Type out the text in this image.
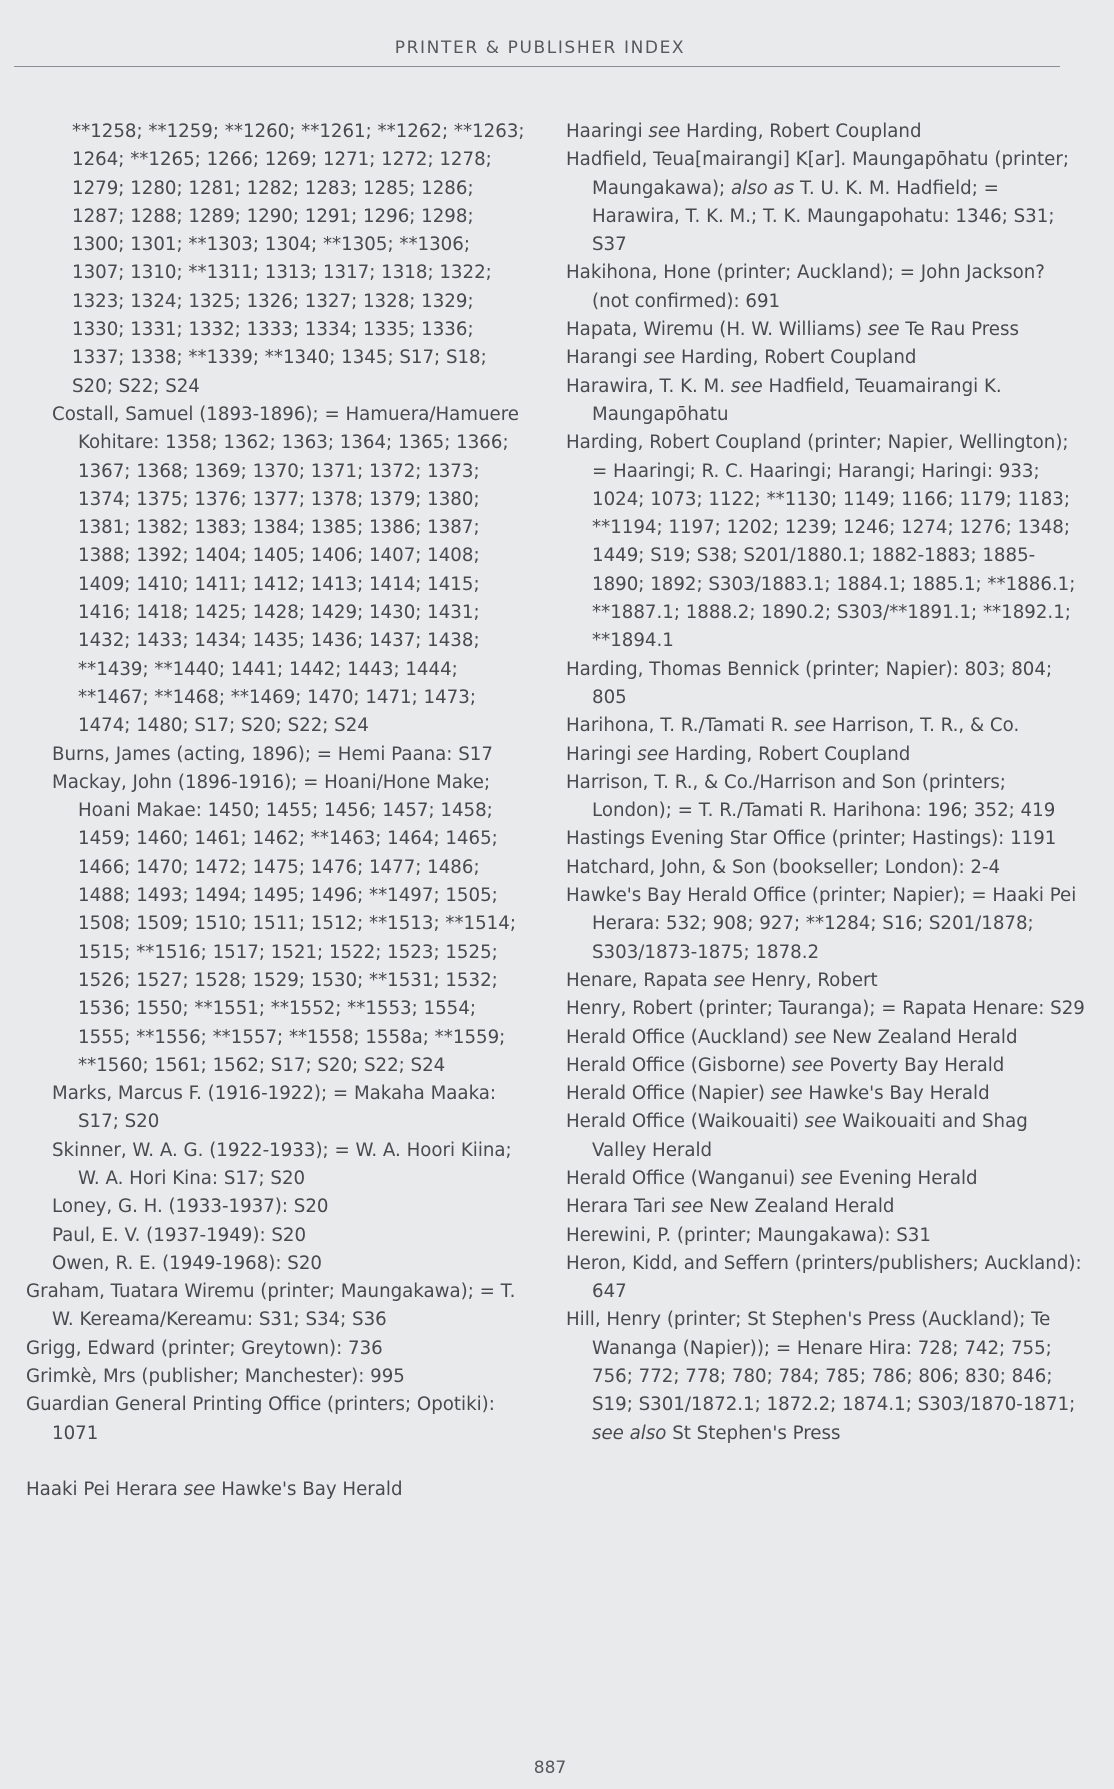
PRINTER & PUBLISHER INDEX

**1258; **1259; **1260; **1261; **1262; **1263; 1264; **1265; 1266; 1269; 1271; 1272; 1278; 1279; 1280; 1281; 1282; 1283; 1285; 1286; 1287; 1288; 1289; 1290; 1291; 1296; 1298; 1300; 1301; **1303; 1304; **1305; **1306; 1307; 1310; **1311; 1313; 1317; 1318; 1322; 1323; 1324; 1325; 1326; 1327; 1328; 1329; 1330; 1331; 1332; 1333; 1334; 1335; 1336; 1337; 1338; **1339; **1340; 1345; S17; S18; S20; S22; S24

Costall, Samuel (1893-1896); = Hamuera/Hamuere Kohitare: 1358; 1362; 1363; 1364; 1365; 1366; 1367; 1368; 1369; 1370; 1371; 1372; 1373; 1374; 1375; 1376; 1377; 1378; 1379; 1380; 1381; 1382; 1383; 1384; 1385; 1386; 1387; 1388; 1392; 1404; 1405; 1406; 1407; 1408; 1409; 1410; 1411; 1412; 1413; 1414; 1415; 1416; 1418; 1425; 1428; 1429; 1430; 1431; 1432; 1433; 1434; 1435; 1436; 1437; 1438; **1439; **1440; 1441; 1442; 1443; 1444; **1467; **1468; **1469; 1470; 1471; 1473; 1474; 1480; S17; S20; S22; S24

Burns, James (acting, 1896); = Hemi Paana: S17

Mackay, John (1896-1916); = Hoani/Hone Make; Hoani Makae: 1450; 1455; 1456; 1457; 1458; 1459; 1460; 1461; 1462; **1463; 1464; 1465; 1466; 1470; 1472; 1475; 1476; 1477; 1486; 1488; 1493; 1494; 1495; 1496; **1497; 1505; 1508; 1509; 1510; 1511; 1512; **1513; **1514; 1515; **1516; 1517; 1521; 1522; 1523; 1525; 1526; 1527; 1528; 1529; 1530; **1531; 1532; 1536; 1550; **1551; **1552; **1553; 1554; 1555; **1556; **1557; **1558; 1558a; **1559; **1560; 1561; 1562; S17; S20; S22; S24

Marks, Marcus F. (1916-1922); = Makaha Maaka: S17; S20

Skinner, W. A. G. (1922-1933); = W. A. Hoori Kiina; W. A. Hori Kina: S17; S20

Loney, G. H. (1933-1937): S20

Paul, E. V. (1937-1949): S20

Owen, R. E. (1949-1968): S20

Graham, Tuatara Wiremu (printer; Maungakawa); = T. W. Kereama/Kereamu: S31; S34; S36

Grigg, Edward (printer; Greytown): 736

Grimkè, Mrs (publisher; Manchester): 995

Guardian General Printing Office (printers; Opotiki): 1071

Haaki Pei Herara see Hawke's Bay Herald

Haaringi see Harding, Robert Coupland

Hadfield, Teua[mairangi] K[ar]. Maungapōhatu (printer; Maungakawa); also as T. U. K. M. Hadfield; = Harawira, T. K. M.; T. K. Maungapohatu: 1346; S31; S37

Hakihona, Hone (printer; Auckland); = John Jackson? (not confirmed): 691

Hapata, Wiremu (H. W. Williams) see Te Rau Press

Harangi see Harding, Robert Coupland

Harawira, T. K. M. see Hadfield, Teuamairangi K. Maungapōhatu

Harding, Robert Coupland (printer; Napier, Wellington); = Haaringi; R. C. Haaringi; Harangi; Haringi: 933; 1024; 1073; 1122; **1130; 1149; 1166; 1179; 1183; **1194; 1197; 1202; 1239; 1246; 1274; 1276; 1348; 1449; S19; S38; S201/1880.1; 1882-1883; 1885-1890; 1892; S303/1883.1; 1884.1; 1885.1; **1886.1; **1887.1; 1888.2; 1890.2; S303/**1891.1; **1892.1; **1894.1

Harding, Thomas Bennick (printer; Napier): 803; 804; 805

Harihona, T. R./Tamati R. see Harrison, T. R., & Co.

Haringi see Harding, Robert Coupland

Harrison, T. R., & Co./Harrison and Son (printers; London); = T. R./Tamati R. Harihona: 196; 352; 419

Hastings Evening Star Office (printer; Hastings): 1191

Hatchard, John, & Son (bookseller; London): 2-4

Hawke's Bay Herald Office (printer; Napier); = Haaki Pei Herara: 532; 908; 927; **1284; S16; S201/1878; S303/1873-1875; 1878.2

Henare, Rapata see Henry, Robert

Henry, Robert (printer; Tauranga); = Rapata Henare: S29

Herald Office (Auckland) see New Zealand Herald

Herald Office (Gisborne) see Poverty Bay Herald

Herald Office (Napier) see Hawke's Bay Herald

Herald Office (Waikouaiti) see Waikouaiti and Shag Valley Herald

Herald Office (Wanganui) see Evening Herald

Herara Tari see New Zealand Herald

Herewini, P. (printer; Maungakawa): S31

Heron, Kidd, and Seffern (printers/publishers; Auckland): 647

Hill, Henry (printer; St Stephen's Press (Auckland); Te Wananga (Napier)); = Henare Hira: 728; 742; 755; 756; 772; 778; 780; 784; 785; 786; 806; 830; 846; S19; S301/1872.1; 1872.2; 1874.1; S303/1870-1871; see also St Stephen's Press

887
